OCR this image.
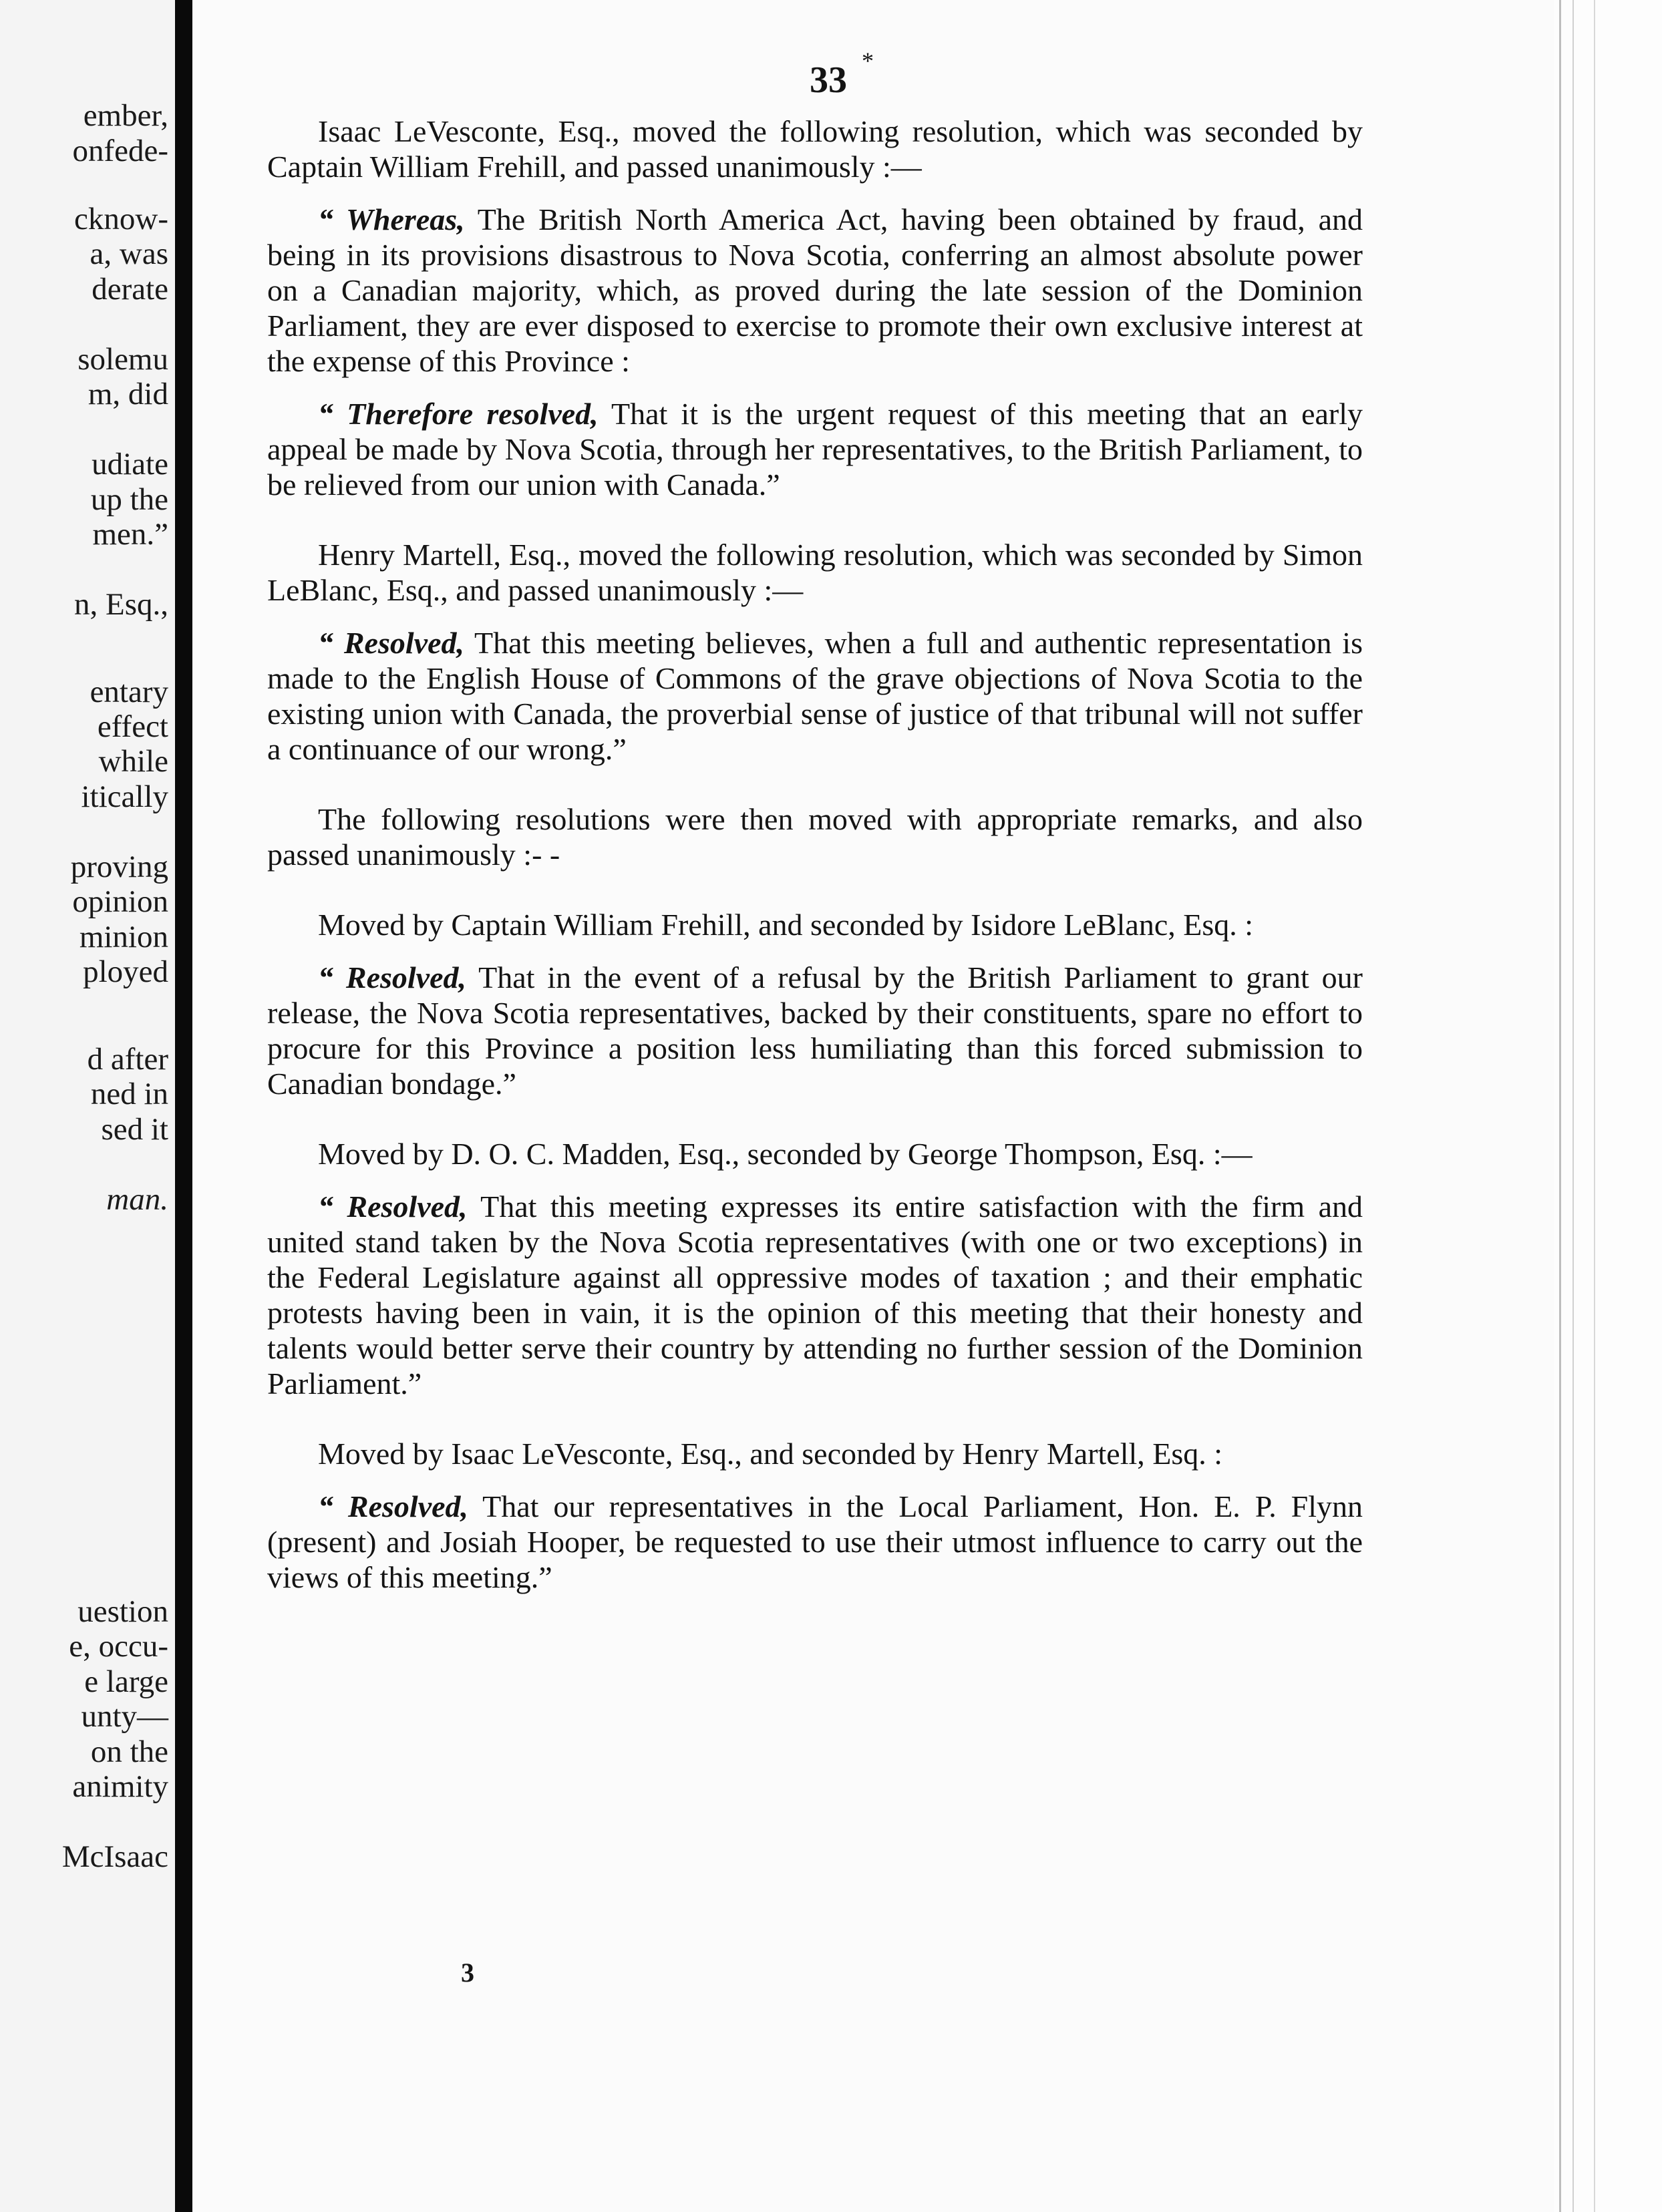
ember,
onfede-
cknow-
a, was
derate
solemu
m, did
udiate
up the
men.”
n, Esq.,
entary
effect
while
itically
proving
opinion
minion
ployed
d after
ned in
sed it
man.
uestion
e, occu-
e large
unty—
on the
animity
McIsaac
33 *

Isaac LeVesconte, Esq., moved the following resolution, which was seconded by Captain William Frehill, and passed unanimously :—

“ Whereas, The British North America Act, having been obtained by fraud, and being in its provisions disastrous to Nova Scotia, conferring an almost absolute power on a Canadian majority, which, as proved during the late session of the Dominion Parliament, they are ever disposed to exercise to promote their own exclusive interest at the expense of this Province :

“ Therefore resolved, That it is the urgent request of this meeting that an early appeal be made by Nova Scotia, through her representatives, to the British Parliament, to be relieved from our union with Canada.”

Henry Martell, Esq., moved the following resolution, which was seconded by Simon LeBlanc, Esq., and passed unanimously :—

“ Resolved, That this meeting believes, when a full and authentic representation is made to the English House of Commons of the grave objections of Nova Scotia to the existing union with Canada, the proverbial sense of justice of that tribunal will not suffer a continuance of our wrong.”

The following resolutions were then moved with appropriate remarks, and also passed unanimously :- -

Moved by Captain William Frehill, and seconded by Isidore LeBlanc, Esq. :

“ Resolved, That in the event of a refusal by the British Parliament to grant our release, the Nova Scotia representatives, backed by their constituents, spare no effort to procure for this Province a position less humiliating than this forced submission to Canadian bondage.”

Moved by D. O. C. Madden, Esq., seconded by George Thompson, Esq. :—

“ Resolved, That this meeting expresses its entire satisfaction with the firm and united stand taken by the Nova Scotia representatives (with one or two exceptions) in the Federal Legislature against all oppressive modes of taxation ; and their emphatic protests having been in vain, it is the opinion of this meeting that their honesty and talents would better serve their country by attending no further session of the Dominion Parliament.”

Moved by Isaac LeVesconte, Esq., and seconded by Henry Martell, Esq. :

“ Resolved, That our representatives in the Local Parliament, Hon. E. P. Flynn (present) and Josiah Hooper, be requested to use their utmost influence to carry out the views of this meeting.”

3
